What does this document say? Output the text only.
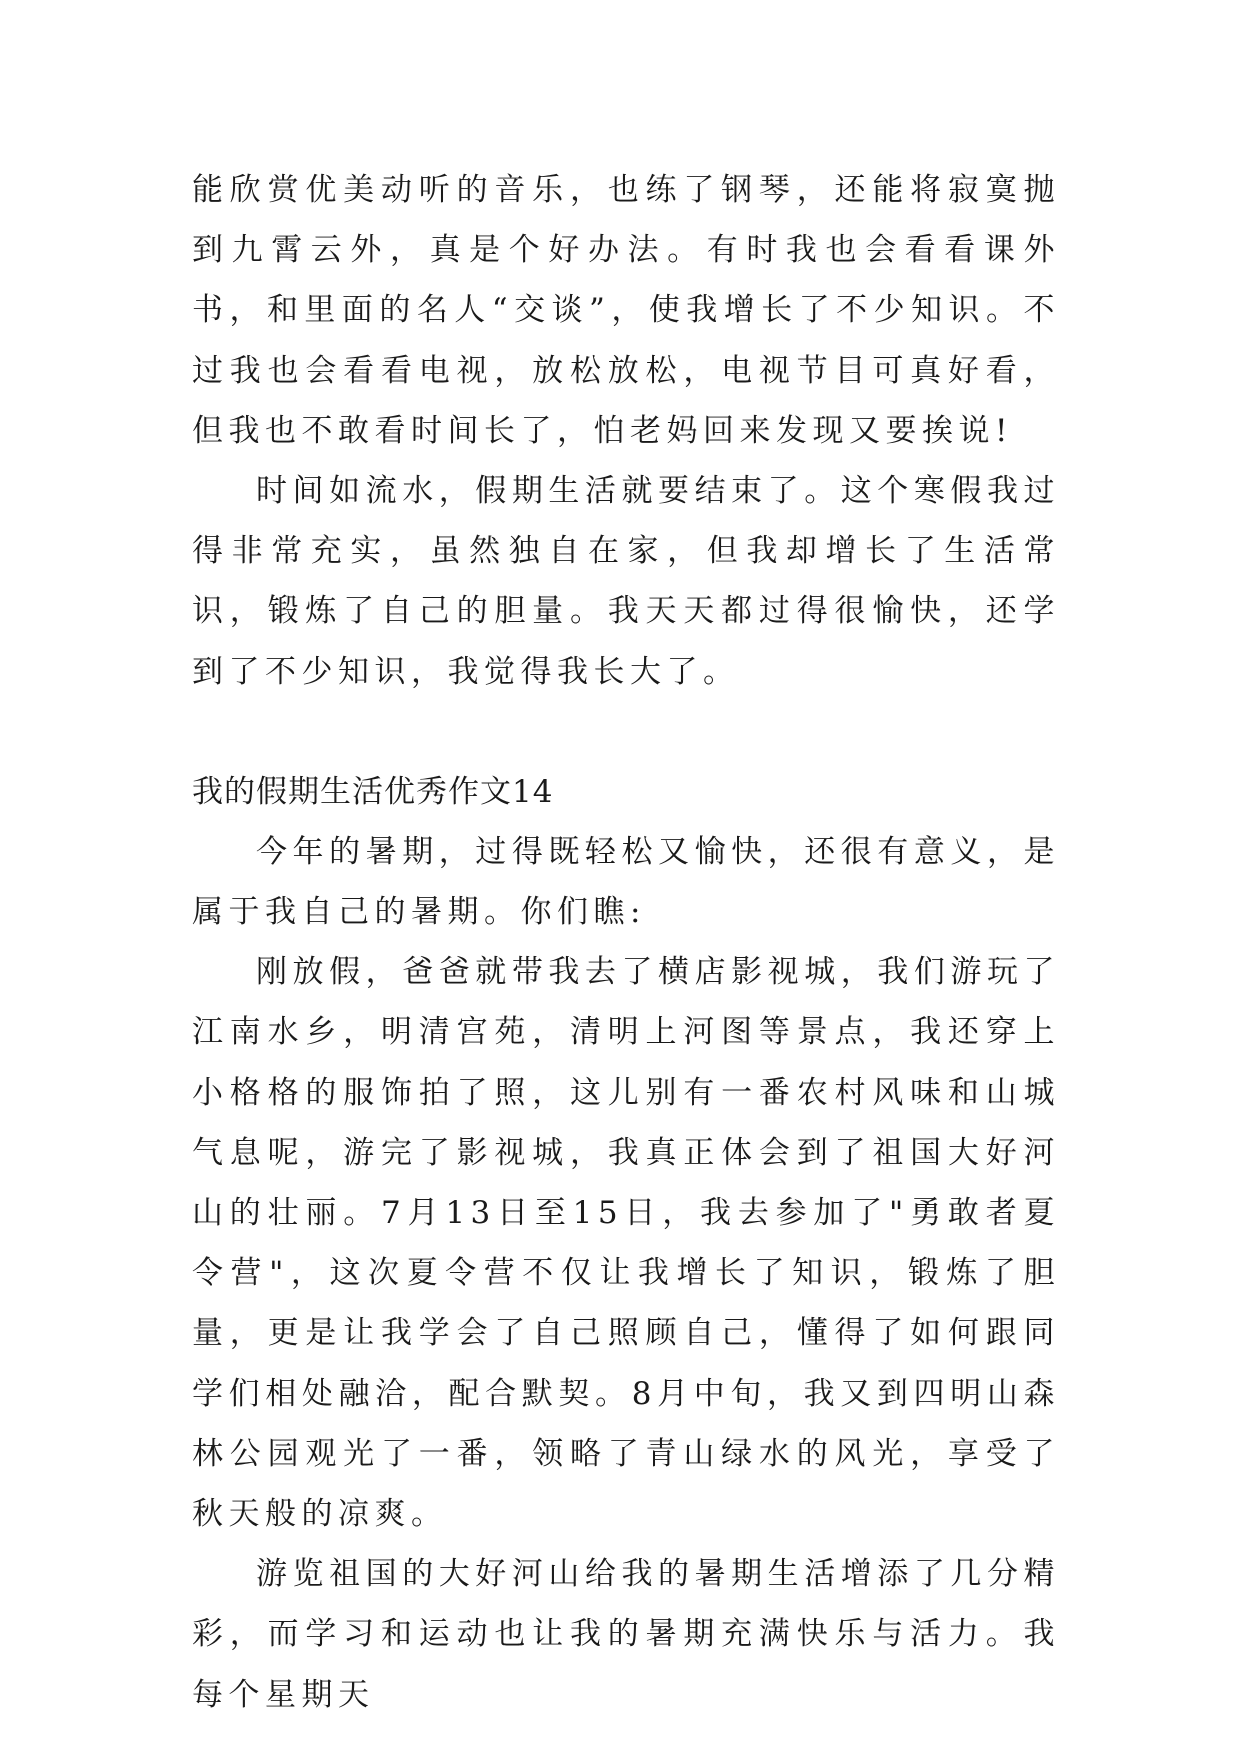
能欣赏优美动听的音乐，也练了钢琴，还能将寂寞抛到九霄云外，真是个好办法。有时我也会看看课外书，和里面的名人“交谈”，使我增长了不少知识。不过我也会看看电视，放松放松，电视节目可真好看，但我也不敢看时间长了，怕老妈回来发现又要挨说!

时间如流水，假期生活就要结束了。这个寒假我过得非常充实，虽然独自在家，但我却增长了生活常识，锻炼了自己的胆量。我天天都过得很愉快，还学到了不少知识，我觉得我长大了。

我的假期生活优秀作文14

今年的暑期，过得既轻松又愉快，还很有意义，是属于我自己的暑期。你们瞧:

刚放假，爸爸就带我去了横店影视城，我们游玩了江南水乡，明清宫苑，清明上河图等景点，我还穿上小格格的服饰拍了照，这儿别有一番农村风味和山城气息呢，游完了影视城，我真正体会到了祖国大好河山的壮丽。7月13日至15日，我去参加了"勇敢者夏令营"，这次夏令营不仅让我增长了知识，锻炼了胆量，更是让我学会了自己照顾自己，懂得了如何跟同学们相处融洽，配合默契。8月中旬，我又到四明山森林公园观光了一番，领略了青山绿水的风光，享受了秋天般的凉爽。

游览祖国的大好河山给我的暑期生活增添了几分精彩，而学习和运动也让我的暑期充满快乐与活力。我每个星期天
